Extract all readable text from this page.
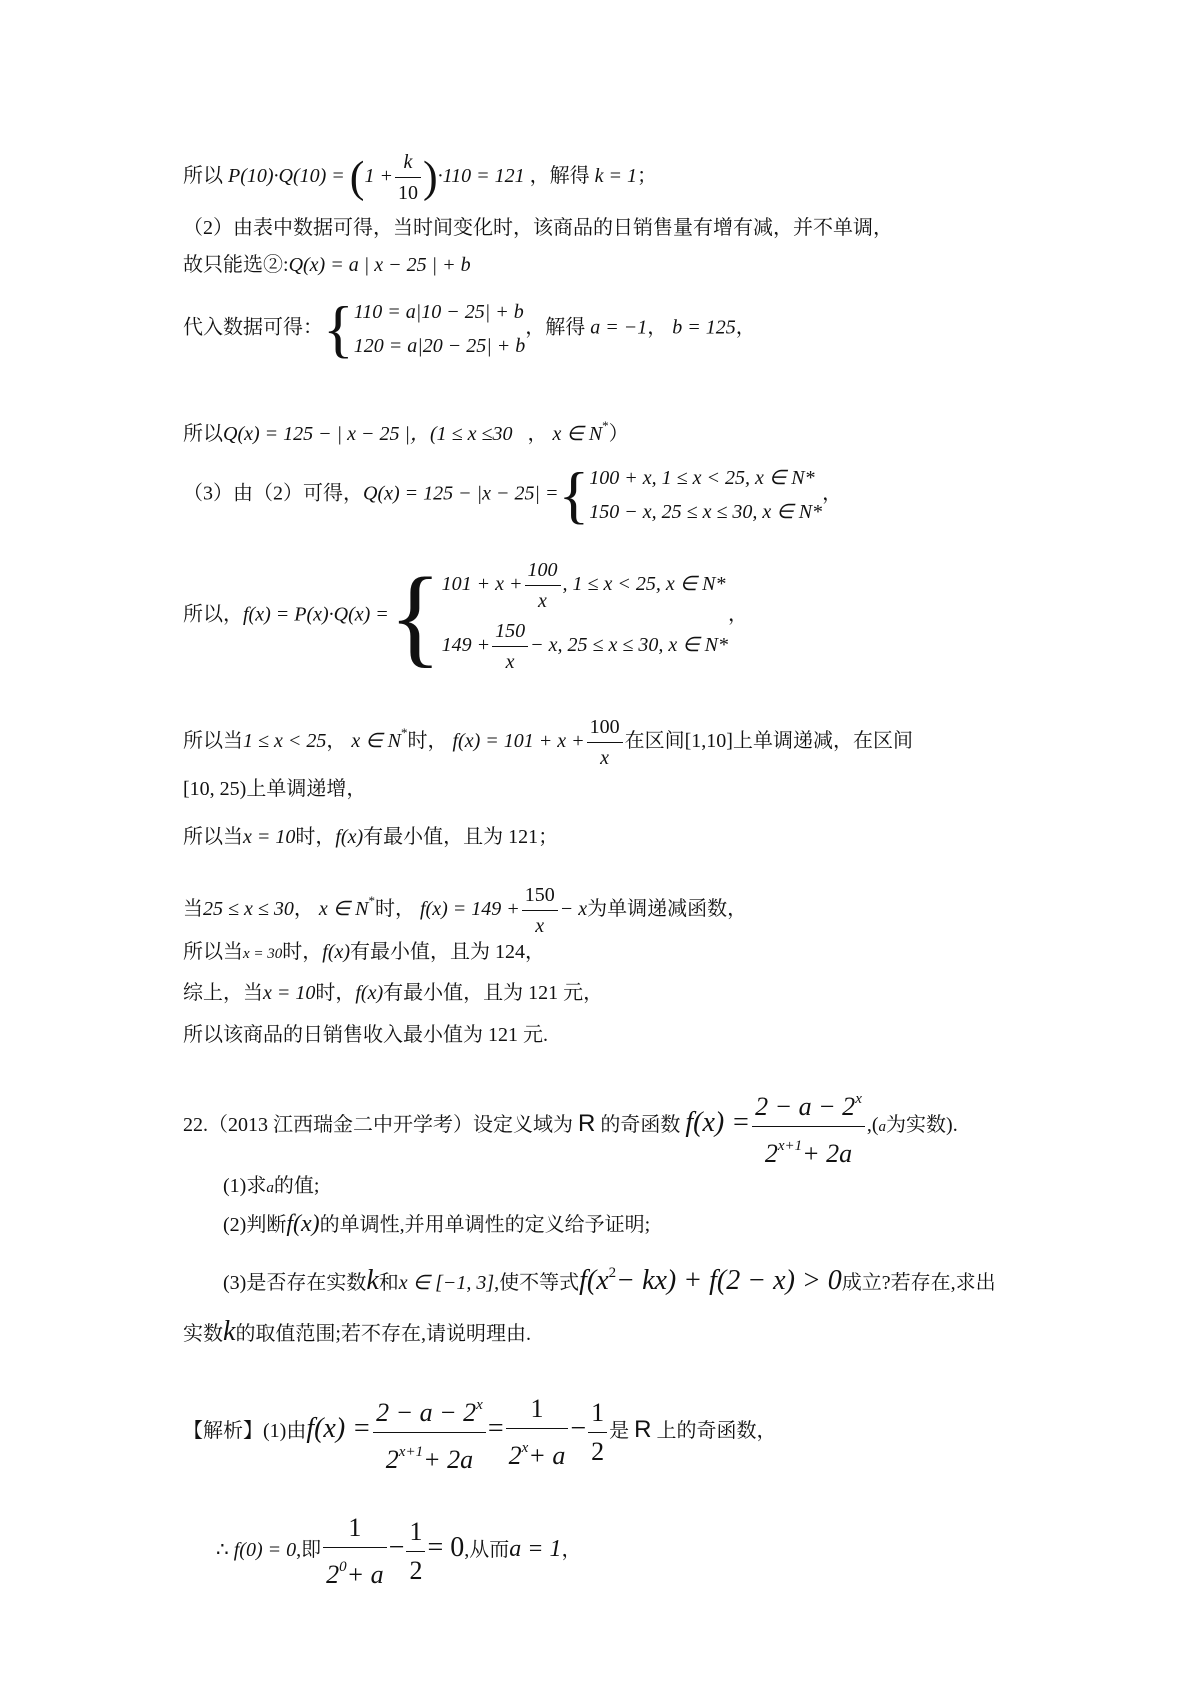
所以 $P(10)\cdot Q(10) = (1 + \frac{k}{10} )\cdot 110 = 121$ ，解得 k = 1；
（2）由表中数据可得，当时间变化时，该商品的日销售量有增有减，并不单调，
故只能选②:Q(x) = a | x − 25 | + b
代入数据可得：{ 110 = a|10 − 25| + b
120 = a|20 − 25| + b
，解得 a = −1， b = 125，
所以Q(x) = 125 − | x − 25 |，(1 ≤ x ≤30 ， x ∈ N*）
（3）由（2）可得，Q(x) = 125 − |x − 25| ={ 100 + x, 1 ≤ x < 25, x ∈ N*
150 − x, 25 ≤ x ≤ 30, x ∈ N*
，
所以，f(x) = P(x)·Q(x) ={ $101 + x + \frac{100}{x}$ , 1 ≤ x < 25, x ∈ N*
$149 + \frac{150}{x} - x$, 25 ≤ x ≤ 30, x ∈ N*
，
所以当1 ≤ x < 25， x ∈ N*时， $f(x) = 101 + x + \frac{100}{x}$ 在区间[1,10]上单调递减，在区间
[10, 25)上单调递增，
所以当x = 10时，f(x)有最小值，且为 121；
当25 ≤ x ≤ 30， x ∈ N*时， $f(x) = 149 + \frac{150}{x} - x$为单调递减函数，
所以当x = 30时，f(x)有最小值，且为 124，
综上，当x = 10时，f(x)有最小值，且为 121 元，
所以该商品的日销售收入最小值为 121 元.
22.（2013 江西瑞金二中开学考）设定义域为 R 的奇函数 $f(x) = \frac{2 - a - 2^x}{2^{x+1}+ 2a} ,(a$为实数).
(1)求a的值;
(2)判断f(x)的单调性,并用单调性的定义给予证明;
(3)是否存在实数k和x ∈ [−1, 3],使不等式$f(x^2- kx) + f(2 - x) > 0$成立?若存在,求出
实数k的取值范围;若不存在,请说明理由.
【解析】(1)由$f(x) = \frac{2 - a - 2^x}{2^{x+1}+ 2a} = \frac{1}{2^x+ a} - \frac{1}{2}$ 是 R 上的奇函数，
∴ f(0) = 0,即 $\frac{1}{2^0+ a} - \frac{1}{2} = 0$,从而a = 1，
